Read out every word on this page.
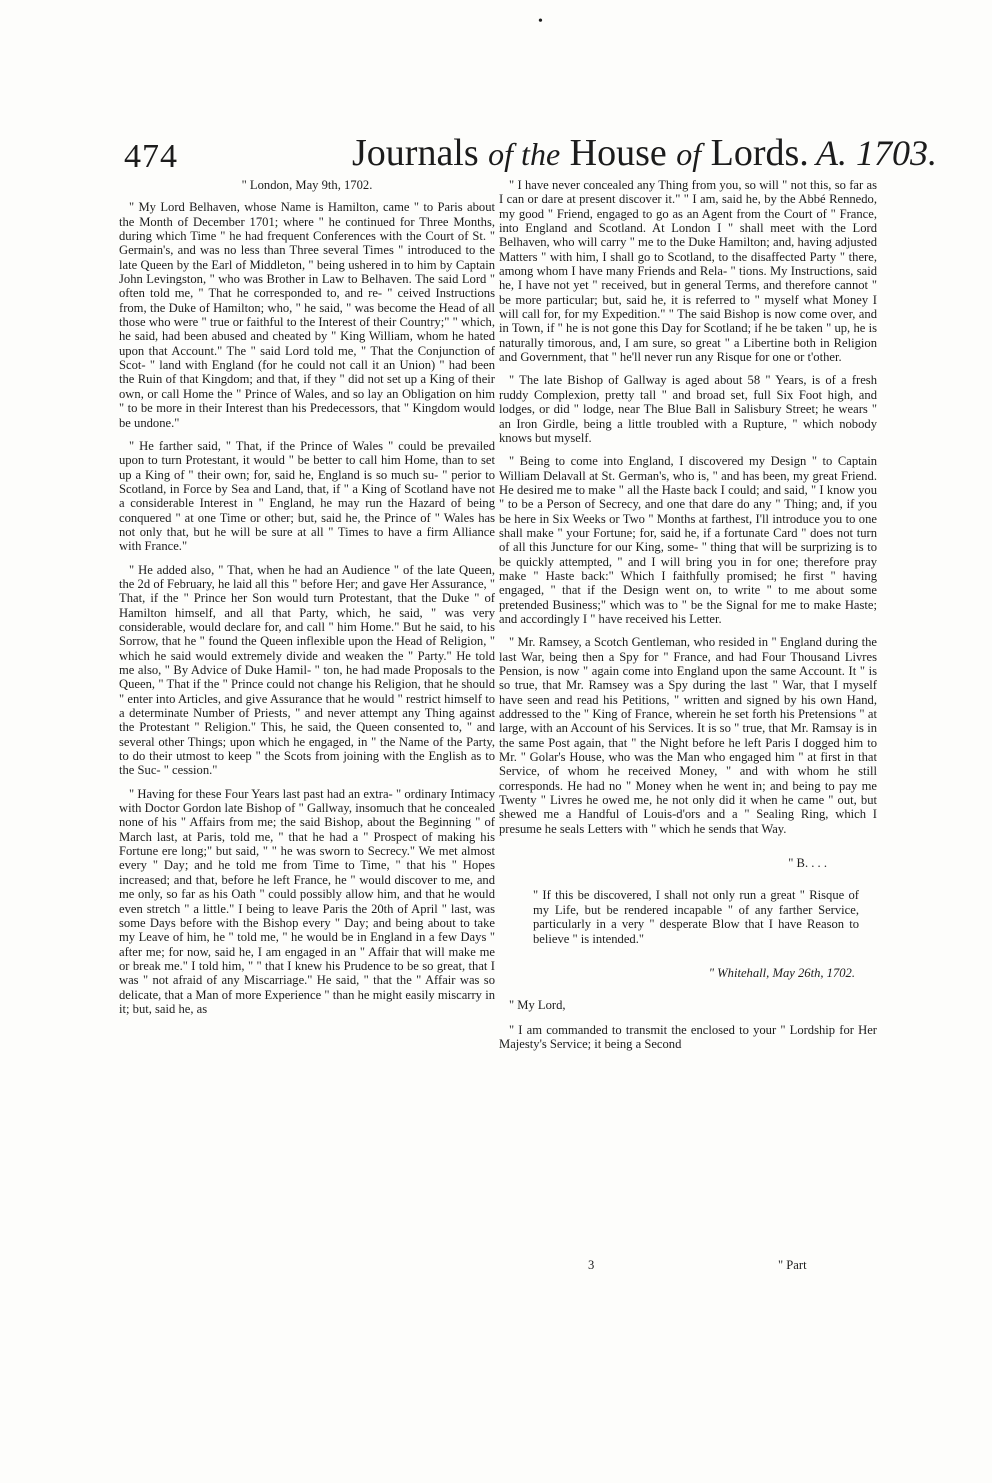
•
474	Journals of the House of Lords. A. 1703.

" London, May 9th, 1702.

" My Lord Belhaven, whose Name is Hamilton, came " to Paris about the Month of December 1701; where " he continued for Three Months, during which Time " he had frequent Conferences with the Court of St. " Germain's, and was no less than Three several Times " introduced to the late Queen by the Earl of Middleton, " being ushered in to him by Captain John Levingston, " who was Brother in Law to Belhaven. The said Lord " often told me, " That he corresponded to, and re- " ceived Instructions from, the Duke of Hamilton; who, " he said, " was become the Head of all those who were " true or faithful to the Interest of their Country;" " which, he said, had been abused and cheated by " King William, whom he hated upon that Account." The " said Lord told me, " That the Conjunction of Scot- " land with England (for he could not call it an Union) " had been the Ruin of that Kingdom; and that, if they " did not set up a King of their own, or call Home the " Prince of Wales, and so lay an Obligation on him " to be more in their Interest than his Predecessors, that " Kingdom would be undone."

" He farther said, " That, if the Prince of Wales " could be prevailed upon to turn Protestant, it would " be better to call him Home, than to set up a King of " their own; for, said he, England is so much su- " perior to Scotland, in Force by Sea and Land, that, if " a King of Scotland have not a considerable Interest in " England, he may run the Hazard of being conquered " at one Time or other; but, said he, the Prince of " Wales has not only that, but he will be sure at all " Times to have a firm Alliance with France."

" He added also, " That, when he had an Audience " of the late Queen, the 2d of February, he laid all this " before Her; and gave Her Assurance, " That, if the " Prince her Son would turn Protestant, that the Duke " of Hamilton himself, and all that Party, which, he said, " was very considerable, would declare for, and call " him Home." But he said, to his Sorrow, that he " found the Queen inflexible upon the Head of Religion, " which he said would extremely divide and weaken the " Party." He told me also, " By Advice of Duke Hamil- " ton, he had made Proposals to the Queen, " That if the " Prince could not change his Religion, that he should " enter into Articles, and give Assurance that he would " restrict himself to a determinate Number of Priests, " and never attempt any Thing against the Protestant " Religion." This, he said, the Queen consented to, " and several other Things; upon which he engaged, in " the Name of the Party, to do their utmost to keep " the Scots from joining with the English as to the Suc- " cession."

" Having for these Four Years last past had an extra- " ordinary Intimacy with Doctor Gordon late Bishop of " Gallway, insomuch that he concealed none of his " Affairs from me; the said Bishop, about the Beginning " of March last, at Paris, told me, " that he had a " Prospect of making his Fortune ere long;" but said, " " he was sworn to Secrecy." We met almost every " Day; and he told me from Time to Time, " that his " Hopes increased; and that, before he left France, he " would discover to me, and me only, so far as his Oath " could possibly allow him, and that he would even stretch " a little." I being to leave Paris the 20th of April " last, was some Days before with the Bishop every " Day; and being about to take my Leave of him, he " told me, " he would be in England in a few Days " after me; for now, said he, I am engaged in an " Affair that will make me or break me." I told him, " " that I knew his Prudence to be so great, that I was " not afraid of any Miscarriage." He said, " that the " Affair was so delicate, that a Man of more Experience " than he might easily miscarry in it; but, said he, as

" I have never concealed any Thing from you, so will " not this, so far as I can or dare at present discover it." " I am, said he, by the Abbé Rennedo, my good " Friend, engaged to go as an Agent from the Court of " France, into England and Scotland. At London I " shall meet with the Lord Belhaven, who will carry " me to the Duke Hamilton; and, having adjusted Matters " with him, I shall go to Scotland, to the disaffected Party " there, among whom I have many Friends and Rela- " tions. My Instructions, said he, I have not yet " received, but in general Terms, and therefore cannot " be more particular; but, said he, it is referred to " myself what Money I will call for, for my Expedition." " The said Bishop is now come over, and in Town, if " he is not gone this Day for Scotland; if he be taken " up, he is naturally timorous, and, I am sure, so great " a Libertine both in Religion and Government, that " he'll never run any Risque for one or t'other.

" The late Bishop of Gallway is aged about 58 " Years, is of a fresh ruddy Complexion, pretty tall " and broad set, full Six Foot high, and lodges, or did " lodge, near The Blue Ball in Salisbury Street; he wears " an Iron Girdle, being a little troubled with a Rupture, " which nobody knows but myself.

" Being to come into England, I discovered my Design " to Captain William Delavall at St. German's, who is, " and has been, my great Friend. He desired me to make " all the Haste back I could; and said, " I know you " to be a Person of Secrecy, and one that dare do any " Thing; and, if you be here in Six Weeks or Two " Months at farthest, I'll introduce you to one shall make " your Fortune; for, said he, if a fortunate Card " does not turn of all this Juncture for our King, some- " thing that will be surprizing is to be quickly attempted, " and I will bring you in for one; therefore pray make " Haste back:" Which I faithfully promised; he first " having engaged, " that if the Design went on, to write " to me about some pretended Business;" which was to " be the Signal for me to make Haste; and accordingly I " have received his Letter.

" Mr. Ramsey, a Scotch Gentleman, who resided in " England during the last War, being then a Spy for " France, and had Four Thousand Livres Pension, is now " again come into England upon the same Account. It " is so true, that Mr. Ramsey was a Spy during the last " War, that I myself have seen and read his Petitions, " written and signed by his own Hand, addressed to the " King of France, wherein he set forth his Pretensions " at large, with an Account of his Services. It is so " true, that Mr. Ramsay is in the same Post again, that " the Night before he left Paris I dogged him to Mr. " Golar's House, who was the Man who engaged him " at first in that Service, of whom he received Money, " and with whom he still corresponds. He had no " Money when he went in; and being to pay me Twenty " Livres he owed me, he not only did it when he came " out, but shewed me a Handful of Louis-d'ors and a " Sealing Ring, which I presume he seals Letters with " which he sends that Way.

" B. . . .

" If this be discovered, I shall not only run a great " Risque of my Life, but be rendered incapable " of any farther Service, particularly in a very " desperate Blow that I have Reason to believe " is intended."

" Whitehall, May 26th, 1702.

" My Lord,

" I am commanded to transmit the enclosed to your " Lordship for Her Majesty's Service; it being a Second

3	" Part
